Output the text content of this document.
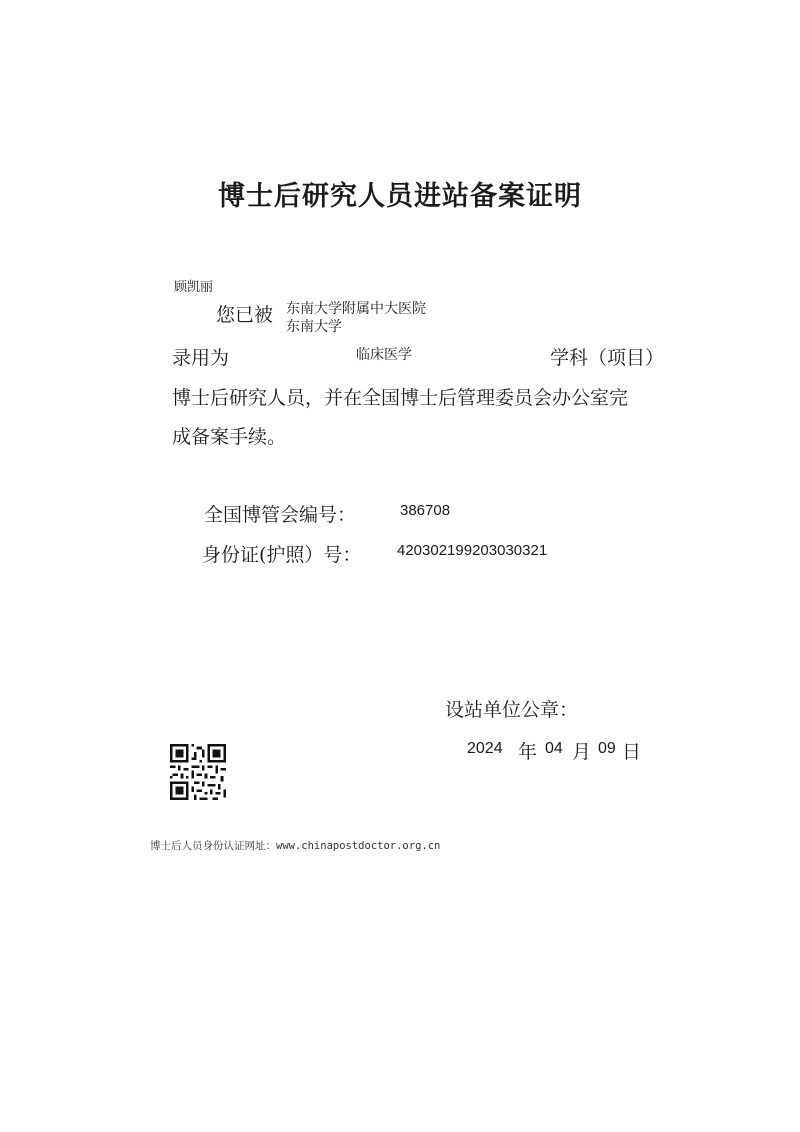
博士后研究人员进站备案证明
顾凯丽
您已被 东南大学附属中大医院
东南大学
录用为	临床医学	学科（项目）
博士后研究人员，并在全国博士后管理委员会办公室完
成备案手续。
全国博管会编号：	386708
身份证(护照）号： 420302199203030321
设站单位公章：
2024 年 04 月 09 日
博士后人员身份认证网址：www.chinapostdoctor.org.cn
